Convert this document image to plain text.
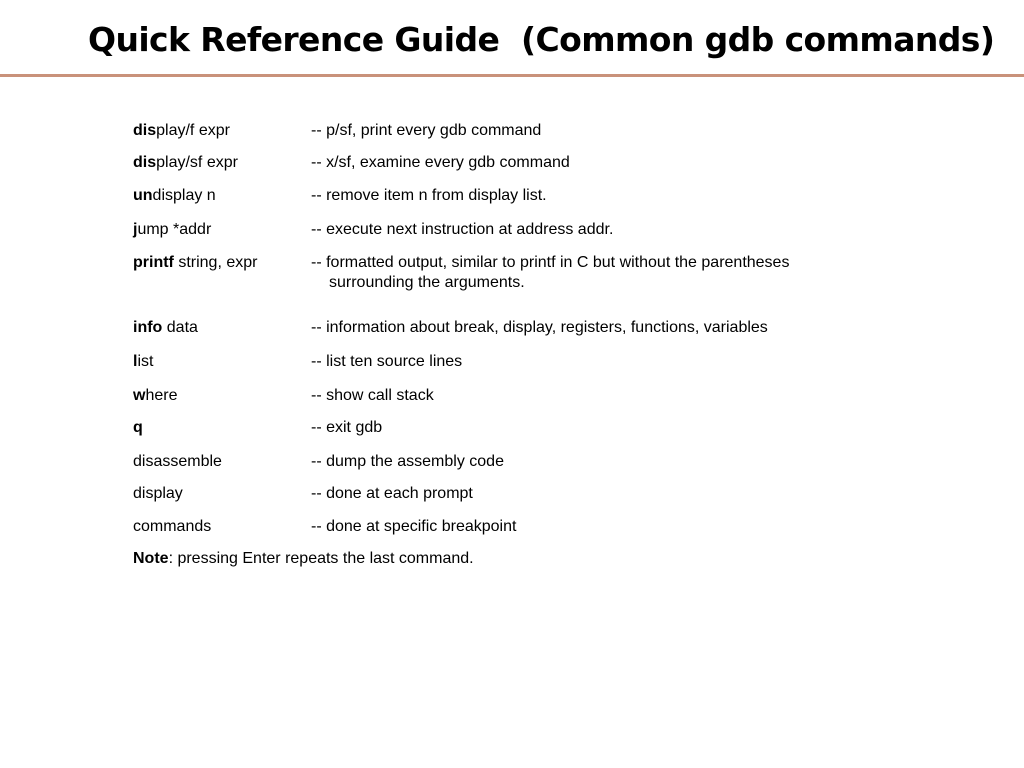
Quick Reference Guide  (Common gdb commands)
display/f expr	-- p/sf, print every gdb command
display/sf expr	-- x/sf, examine every gdb command
undisplay n	-- remove item n from display list.
jump *addr	-- execute next instruction at address addr.
printf string, expr	-- formatted output, similar to printf in C but without the parentheses
surrounding the arguments.
info data	-- information about break, display, registers, functions, variables
list	-- list ten source lines
where	-- show call stack
q	-- exit gdb
disassemble	-- dump the assembly code
display	-- done at each prompt
commands	-- done at specific breakpoint
Note: pressing Enter repeats the last command.
